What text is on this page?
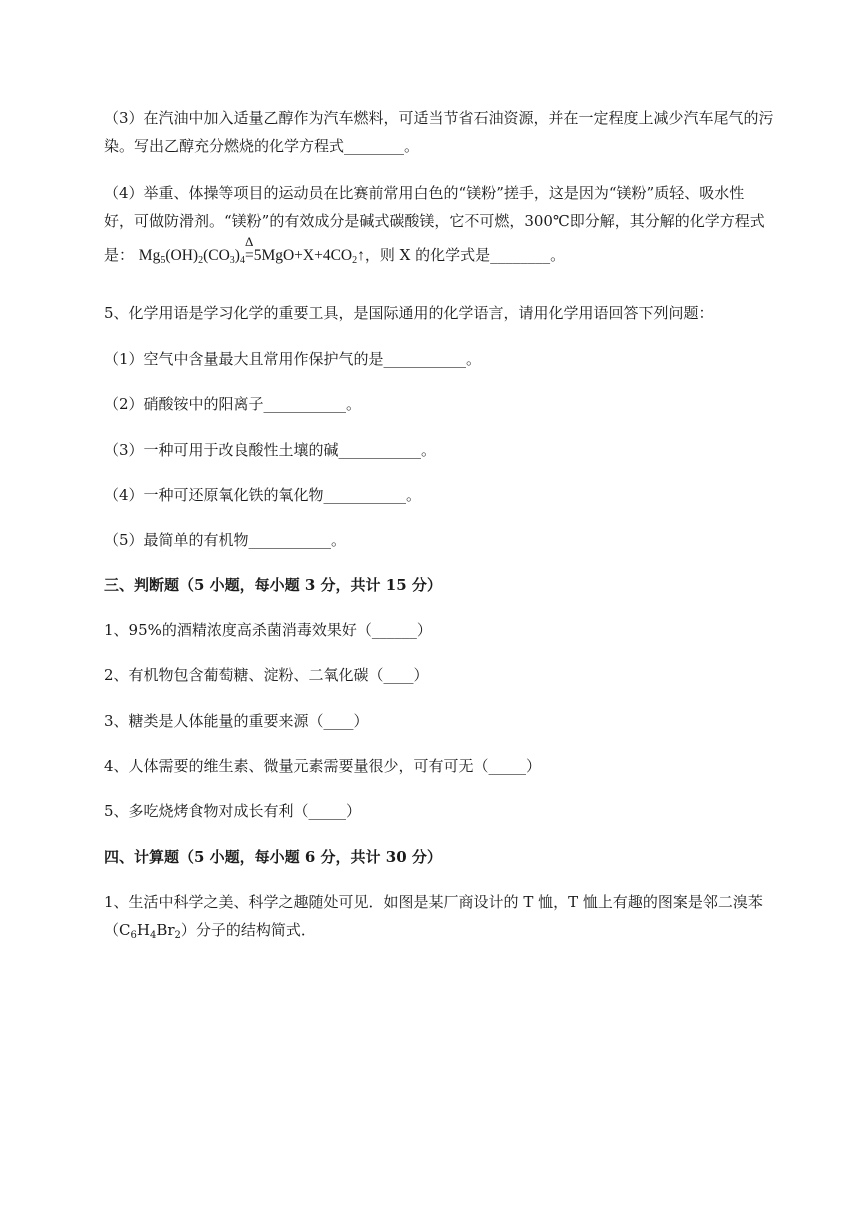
（3）在汽油中加入适量乙醇作为汽车燃料，可适当节省石油资源，并在一定程度上减少汽车尾气的污
染。写出乙醇充分燃烧的化学方程式________。
（4）举重、体操等项目的运动员在比赛前常用白色的“镁粉”搓手，这是因为“镁粉”质轻、吸水性
好，可做防滑剂。“镁粉”的有效成分是碱式碳酸镁，它不可燃，300℃即分解，其分解的化学方程式
是： $Mg_5(OH)_2(CO_3)_4$
Δ
$=5MgO+X+4CO_2↑$，则 X 的化学式是________。
5、化学用语是学习化学的重要工具，是国际通用的化学语言，请用化学用语回答下列问题：
（1）空气中含量最大且常用作保护气的是___________。
（2）硝酸铵中的阳离子___________。
（3）一种可用于改良酸性土壤的碱___________。
（4）一种可还原氧化铁的氧化物___________。
（5）最简单的有机物___________。
三、判断题（5 小题，每小题 3 分，共计 15 分）
1、95%的酒精浓度高杀菌消毒效果好（______）
2、有机物包含葡萄糖、淀粉、二氧化碳（____）
3、糖类是人体能量的重要来源（____）
4、人体需要的维生素、微量元素需要量很少，可有可无（_____）
5、多吃烧烤食物对成长有利（_____）
四、计算题（5 小题，每小题 6 分，共计 30 分）
1、生活中科学之美、科学之趣随处可见．如图是某厂商设计的 T 恤，T 恤上有趣的图案是邻二溴苯
$(C_6H_4Br_2)$分子的结构简式．
